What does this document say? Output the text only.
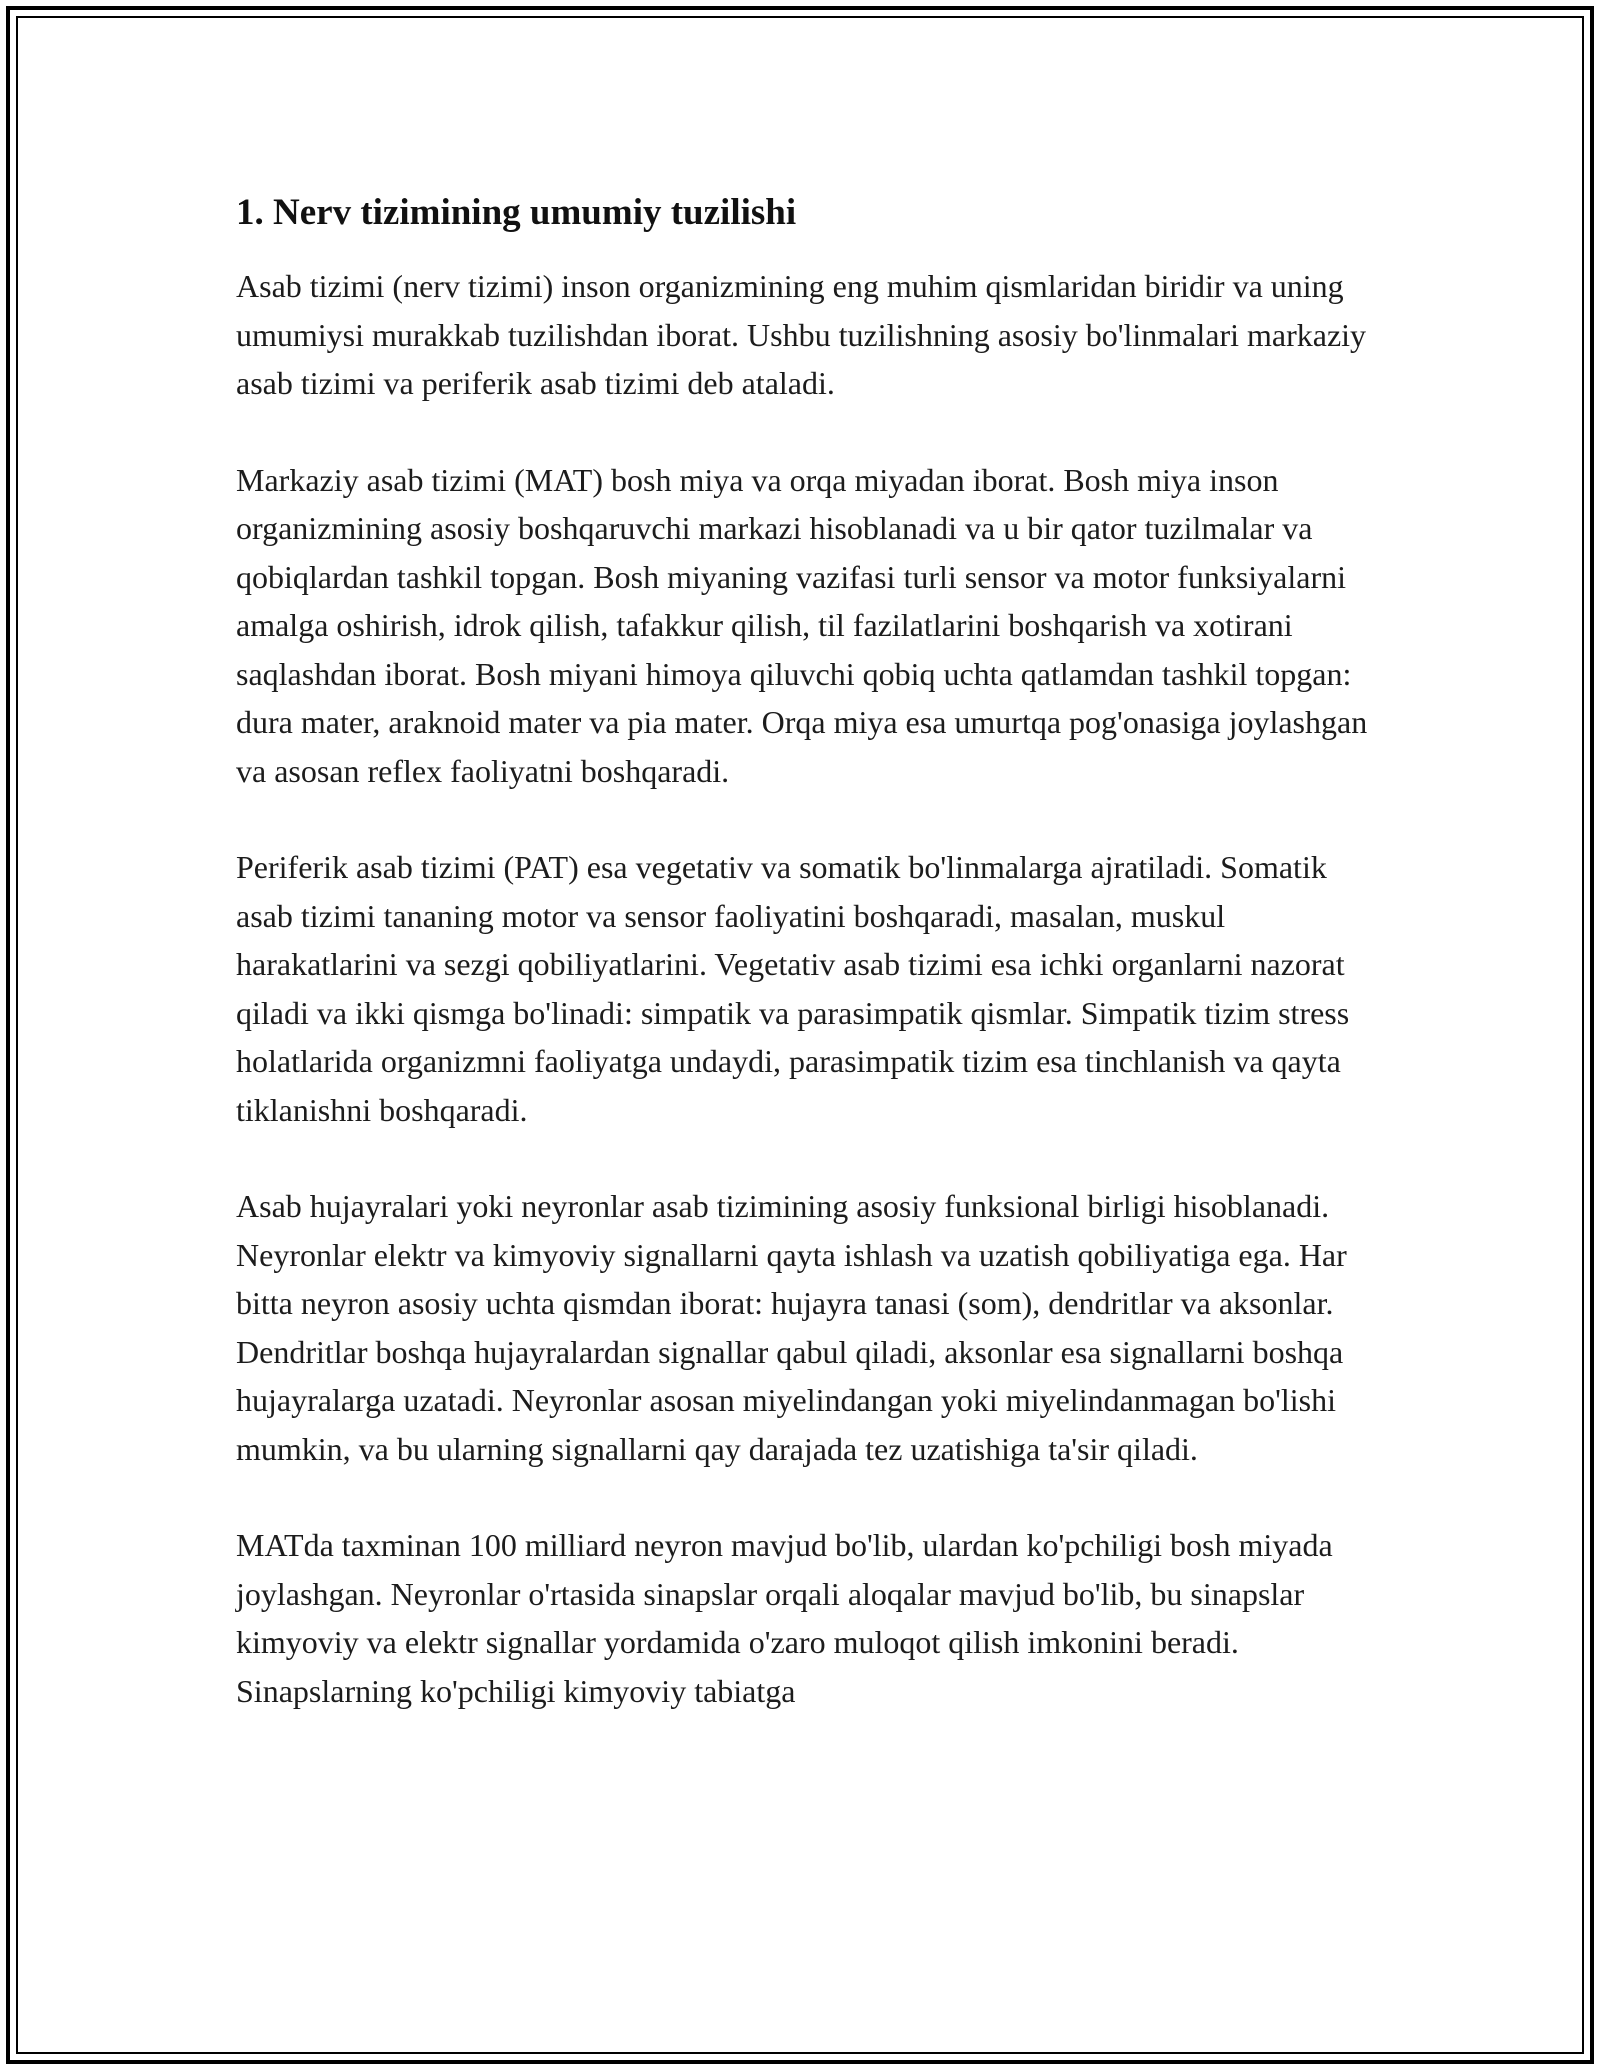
1. Nerv tizimining umumiy tuzilishi

Asab tizimi (nerv tizimi) inson organizmining eng muhim qismlaridan biridir va uning umumiysi murakkab tuzilishdan iborat. Ushbu tuzilishning asosiy bo'linmalari markaziy asab tizimi va periferik asab tizimi deb ataladi.

Markaziy asab tizimi (MAT) bosh miya va orqa miyadan iborat. Bosh miya inson organizmining asosiy boshqaruvchi markazi hisoblanadi va u bir qator tuzilmalar va qobiqlardan tashkil topgan. Bosh miyaning vazifasi turli sensor va motor funksiyalarni amalga oshirish, idrok qilish, tafakkur qilish, til fazilatlarini boshqarish va xotirani saqlashdan iborat. Bosh miyani himoya qiluvchi qobiq uchta qatlamdan tashkil topgan: dura mater, araknoid mater va pia mater. Orqa miya esa umurtqa pog'onasiga joylashgan va asosan reflex faoliyatni boshqaradi.

Periferik asab tizimi (PAT) esa vegetativ va somatik bo'linmalarga ajratiladi. Somatik asab tizimi tananing motor va sensor faoliyatini boshqaradi, masalan, muskul harakatlarini va sezgi qobiliyatlarini. Vegetativ asab tizimi esa ichki organlarni nazorat qiladi va ikki qismga bo'linadi: simpatik va parasimpatik qismlar. Simpatik tizim stress holatlarida organizmni faoliyatga undaydi, parasimpatik tizim esa tinchlanish va qayta tiklanishni boshqaradi.

Asab hujayralari yoki neyronlar asab tizimining asosiy funksional birligi hisoblanadi. Neyronlar elektr va kimyoviy signallarni qayta ishlash va uzatish qobiliyatiga ega. Har bitta neyron asosiy uchta qismdan iborat: hujayra tanasi (som), dendritlar va aksonlar. Dendritlar boshqa hujayralardan signallar qabul qiladi, aksonlar esa signallarni boshqa hujayralarga uzatadi. Neyronlar asosan miyelindangan yoki miyelindanmagan bo'lishi mumkin, va bu ularning signallarni qay darajada tez uzatishiga ta'sir qiladi.

MATda taxminan 100 milliard neyron mavjud bo'lib, ulardan ko'pchiligi bosh miyada joylashgan. Neyronlar o'rtasida sinapslar orqali aloqalar mavjud bo'lib, bu sinapslar kimyoviy va elektr signallar yordamida o'zaro muloqot qilish imkonini beradi. Sinapslarning ko'pchiligi kimyoviy tabiatga
